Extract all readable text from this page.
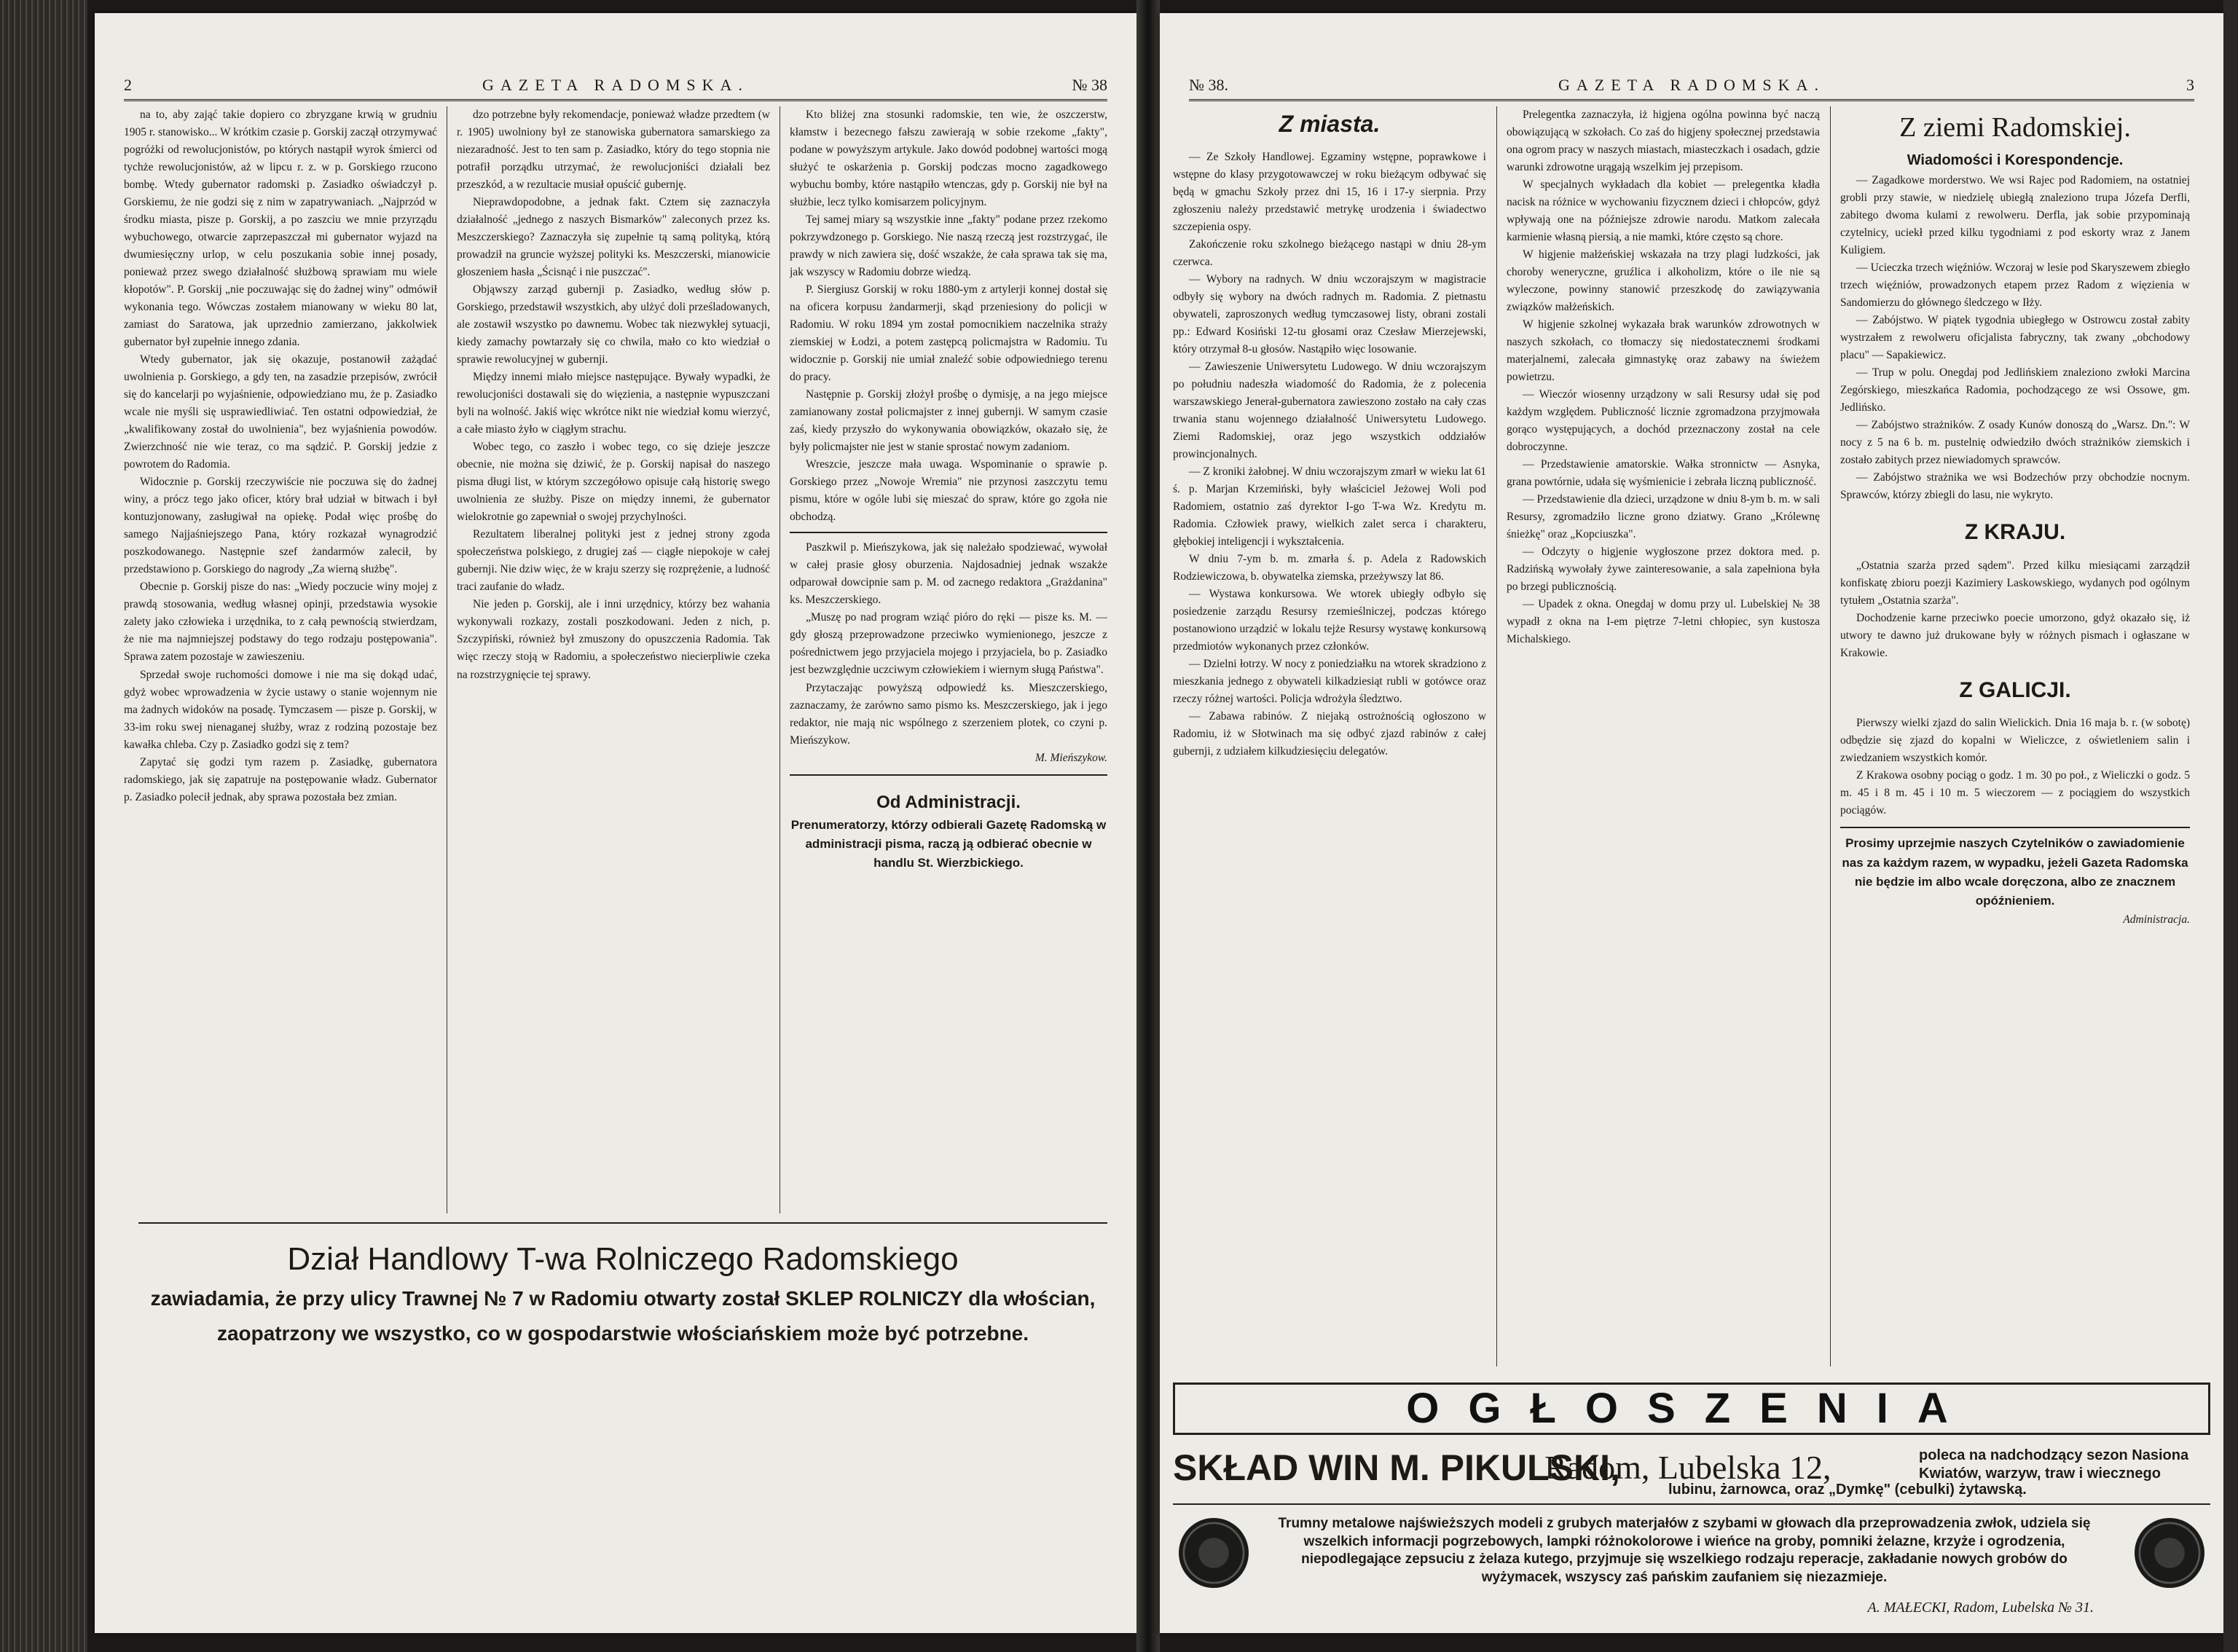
2	GAZETA RADOMSKA.	№ 38

na to, aby zająć takie dopiero co zbryzgane krwią w grudniu 1905 r. stanowisko... W krótkim czasie p. Gorskij zaczął otrzymywać pogróżki od rewolucjonistów, po których nastąpił wyrok śmierci od tychże rewolucjonistów, aż w lipcu r. z. w p. Gorskiego rzucono bombę. Wtedy gubernator radomski p. Zasiadko oświadczył p. Gorskiemu, że nie godzi się z nim w zapatrywaniach. „Najprzód w środku miasta, pisze p. Gorskij, a po zaszciu we mnie przyrządu wybuchowego, otwarcie zaprzepaszczał mi gubernator wyjazd na dwumiesięczny urlop, w celu poszukania sobie innej posady, ponieważ przez swego działalność służbową sprawiam mu wiele kłopotów". P. Gorskij „nie poczuwając się do żadnej winy" odmówił wykonania tego. Wówczas zostałem mianowany w wieku 80 lat, zamiast do Saratowa, jak uprzednio zamierzano, jakkolwiek gubernator był zupełnie innego zdania.

Wtedy gubernator, jak się okazuje, postanowił zażądać uwolnienia p. Gorskiego, a gdy ten, na zasadzie przepisów, zwrócił się do kancelarji po wyjaśnienie, odpowiedziano mu, że p. Zasiadko wcale nie myśli się usprawiedliwiać. Ten ostatni odpowiedział, że „kwalifikowany został do uwolnienia", bez wyjaśnienia powodów. Zwierzchność nie wie teraz, co ma sądzić. P. Gorskij jedzie z powrotem do Radomia.

Widocznie p. Gorskij rzeczywiście nie poczuwa się do żadnej winy, a prócz tego jako oficer, który brał udział w bitwach i był kontuzjonowany, zasługiwał na opiekę. Podał więc prośbę do samego Najjaśniejszego Pana, który rozkazał wynagrodzić poszkodowanego. Następnie szef żandarmów zalecił, by przedstawiono p. Gorskiego do nagrody „Za wierną służbę".

Obecnie p. Gorskij pisze do nas: „Wiedy poczucie winy mojej z prawdą stosowania, według własnej opinji, przedstawia wysokie zalety jako człowieka i urzędnika, to z całą pewnością stwierdzam, że nie ma najmniejszej podstawy do tego rodzaju postępowania". Sprawa zatem pozostaje w zawieszeniu.

Sprzedał swoje ruchomości domowe i nie ma się dokąd udać, gdyż wobec wprowadzenia w życie ustawy o stanie wojennym nie ma żadnych widoków na posadę. Tymczasem — pisze p. Gorskij, w 33-im roku swej nienaganej służby, wraz z rodziną pozostaje bez kawałka chleba. Czy p. Zasiadko godzi się z tem?

Zapytać się godzi tym razem p. Zasiadkę, gubernatora radomskiego, jak się zapatruje na postępowanie władz. Gubernator p. Zasiadko polecił jednak, aby sprawa pozostała bez zmian.

dzo potrzebne były rekomendacje, ponieważ władze przedtem (w r. 1905) uwolniony był ze stanowiska gubernatora samarskiego za niezaradność. Jest to ten sam p. Zasiadko, który do tego stopnia nie potrafił porządku utrzymać, że rewolucjoniści działali bez przeszkód, a w rezultacie musiał opuścić gubernję.

Nieprawdopodobne, a jednak fakt. Cztem się zaznaczyła działalność „jednego z naszych Bismarków" zaleconych przez ks. Meszczerskiego? Zaznaczyła się zupełnie tą samą polityką, którą prowadził na gruncie wyższej polityki ks. Meszczerski, mianowicie głoszeniem hasła „Ścisnąć i nie puszczać".

Objąwszy zarząd gubernji p. Zasiadko, według słów p. Gorskiego, przedstawił wszystkich, aby ulżyć doli prześladowanych, ale zostawił wszystko po dawnemu. Wobec tak niezwykłej sytuacji, kiedy zamachy powtarzały się co chwila, mało co kto wiedział o sprawie rewolucyjnej w gubernji.

Między innemi miało miejsce następujące. Bywały wypadki, że rewolucjoniści dostawali się do więzienia, a następnie wypuszczani byli na wolność. Jakiś więc wkrótce nikt nie wiedział komu wierzyć, a całe miasto żyło w ciągłym strachu.

Wobec tego, co zaszło i wobec tego, co się dzieje jeszcze obecnie, nie można się dziwić, że p. Gorskij napisał do naszego pisma długi list, w którym szczegółowo opisuje całą historię swego uwolnienia ze służby. Pisze on między innemi, że gubernator wielokrotnie go zapewniał o swojej przychylności.

Rezultatem liberalnej polityki jest z jednej strony zgoda społeczeństwa polskiego, z drugiej zaś — ciągłe niepokoje w całej gubernji. Nie dziw więc, że w kraju szerzy się rozprężenie, a ludność traci zaufanie do władz.

Nie jeden p. Gorskij, ale i inni urzędnicy, którzy bez wahania wykonywali rozkazy, zostali poszkodowani. Jeden z nich, p. Szczypiński, również był zmuszony do opuszczenia Radomia. Tak więc rzeczy stoją w Radomiu, a społeczeństwo niecierpliwie czeka na rozstrzygnięcie tej sprawy.

Kto bliżej zna stosunki radomskie, ten wie, że oszczerstw, kłamstw i bezecnego fałszu zawierają w sobie rzekome „fakty", podane w powyższym artykule. Jako dowód podobnej wartości mogą służyć te oskarżenia p. Gorskij podczas mocno zagadkowego wybuchu bomby, które nastąpiło wtenczas, gdy p. Gorskij nie był na służbie, lecz tylko komisarzem policyjnym.

Tej samej miary są wszystkie inne „fakty" podane przez rzekomo pokrzywdzonego p. Gorskiego. Nie naszą rzeczą jest rozstrzygać, ile prawdy w nich zawiera się, dość wszakże, że cała sprawa tak się ma, jak wszyscy w Radomiu dobrze wiedzą.

P. Siergiusz Gorskij w roku 1880-ym z artylerji konnej dostał się na oficera korpusu żandarmerji, skąd przeniesiony do policji w Radomiu. W roku 1894 ym został pomocnikiem naczelnika straży ziemskiej w Łodzi, a potem zastępcą policmajstra w Radomiu. Tu widocznie p. Gorskij nie umiał znaleźć sobie odpowiedniego terenu do pracy.

Następnie p. Gorskij złożył prośbę o dymisję, a na jego miejsce zamianowany został policmajster z innej gubernji. W samym czasie zaś, kiedy przyszło do wykonywania obowiązków, okazało się, że były policmajster nie jest w stanie sprostać nowym zadaniom.

Wreszcie, jeszcze mała uwaga. Wspominanie o sprawie p. Gorskiego przez „Nowoje Wremia" nie przynosi zaszczytu temu pismu, które w ogóle lubi się mieszać do spraw, które go zgoła nie obchodzą.

Paszkwil p. Mieńszykowa, jak się należało spodziewać, wywołał w całej prasie głosy oburzenia. Najdosadniej jednak wszakże odparował dowcipnie sam p. M. od zacnego redaktora „Grażdanina" ks. Meszczerskiego.

„Muszę po nad program wziąć pióro do ręki — pisze ks. M. — gdy głoszą przeprowadzone przeciwko wymienionego, jeszcze z pośrednictwem jego przyjaciela mojego i przyjaciela, bo p. Zasiadko jest bezwzględnie uczciwym człowiekiem i wiernym sługą Państwa".

Przytaczając powyższą odpowiedź ks. Mieszczerskiego, zaznaczamy, że zarówno samo pismo ks. Meszczerskiego, jak i jego redaktor, nie mają nic wspólnego z szerzeniem plotek, co czyni p. Mieńszykow.

M. Mieńszykow.

Od Administracji.

Prenumeratorzy, którzy odbierali Gazetę Radomską w administracji pisma, raczą ją odbierać obecnie w handlu St. Wierzbickiego.

Dział Handlowy T-wa Rolniczego Radomskiego
zawiadamia, że przy ulicy Trawnej № 7 w Radomiu otwarty został SKLEP ROLNICZY dla włościan,
zaopatrzony we wszystko, co w gospodarstwie włościańskiem może być potrzebne.
№ 38.	GAZETA RADOMSKA.	3

Z miasta.

— Ze Szkoły Handlowej. Egzaminy wstępne, poprawkowe i wstępne do klasy przygotowawczej w roku bieżącym odbywać się będą w gmachu Szkoły przez dni 15, 16 i 17-y sierpnia. Przy zgłoszeniu należy przedstawić metrykę urodzenia i świadectwo szczepienia ospy.

Zakończenie roku szkolnego bieżącego nastąpi w dniu 28-ym czerwca.

— Wybory na radnych. W dniu wczorajszym w magistracie odbyły się wybory na dwóch radnych m. Radomia. Z pietnastu obywateli, zaproszonych według tymczasowej listy, obrani zostali pp.: Edward Kosiński 12-tu głosami oraz Czesław Mierzejewski, który otrzymał 8-u głosów. Nastąpiło więc losowanie.

— Zawieszenie Uniwersytetu Ludowego. W dniu wczorajszym po południu nadeszła wiadomość do Radomia, że z polecenia warszawskiego Jenerał-gubernatora zawieszono zostało na cały czas trwania stanu wojennego działalność Uniwersytetu Ludowego. Ziemi Radomskiej, oraz jego wszystkich oddziałów prowincjonalnych.

— Z kroniki żałobnej. W dniu wczorajszym zmarł w wieku lat 61 ś. p. Marjan Krzemiński, były właściciel Jeżowej Woli pod Radomiem, ostatnio zaś dyrektor I-go T-wa Wz. Kredytu m. Radomia. Człowiek prawy, wielkich zalet serca i charakteru, głębokiej inteligencji i wykształcenia.

W dniu 7-ym b. m. zmarła ś. p. Adela z Radowskich Rodziewiczowa, b. obywatelka ziemska, przeżywszy lat 86.

— Wystawa konkursowa. We wtorek ubiegły odbyło się posiedzenie zarządu Resursy rzemieślniczej, podczas którego postanowiono urządzić w lokalu tejże Resursy wystawę konkursową przedmiotów wykonanych przez członków.

— Dzielni łotrzy. W nocy z poniedziałku na wtorek skradziono z mieszkania jednego z obywateli kilkadziesiąt rubli w gotówce oraz rzeczy różnej wartości. Policja wdrożyła śledztwo.

— Zabawa rabinów. Z niejaką ostrożnością ogłoszono w Radomiu, iż w Słotwinach ma się odbyć zjazd rabinów z całej gubernji, z udziałem kilkudziesięciu delegatów.

Prelegentka zaznaczyła, iż higjena ogólna powinna być naczą obowiązującą w szkołach. Co zaś do higjeny społecznej przedstawia ona ogrom pracy w naszych miastach, miasteczkach i osadach, gdzie warunki zdrowotne urągają wszelkim jej przepisom.

W specjalnych wykładach dla kobiet — prelegentka kładła nacisk na różnice w wychowaniu fizycznem dzieci i chłopców, gdyż wpływają one na późniejsze zdrowie narodu. Matkom zalecała karmienie własną piersią, a nie mamki, które często są chore.

W higjenie małżeńskiej wskazała na trzy plagi ludzkości, jak choroby weneryczne, gruźlica i alkoholizm, które o ile nie są wyleczone, powinny stanowić przeszkodę do zawiązywania związków małżeńskich.

W higjenie szkolnej wykazała brak warunków zdrowotnych w naszych szkołach, co tłomaczy się niedostatecznemi środkami materjalnemi, zalecała gimnastykę oraz zabawy na świeżem powietrzu.

— Wieczór wiosenny urządzony w sali Resursy udał się pod każdym względem. Publiczność licznie zgromadzona przyjmowała gorąco występujących, a dochód przeznaczony został na cele dobroczynne.

— Przedstawienie amatorskie. Wałka stronnictw — Asnyka, grana powtórnie, udała się wyśmienicie i zebrała liczną publiczność.

— Przedstawienie dla dzieci, urządzone w dniu 8-ym b. m. w sali Resursy, zgromadziło liczne grono dziatwy. Grano „Królewnę śnieżkę" oraz „Kopciuszka".

— Odczyty o higjenie wygłoszone przez doktora med. p. Radzińską wywołały żywe zainteresowanie, a sala zapełniona była po brzegi publicznością.

— Upadek z okna. Onegdaj w domu przy ul. Lubelskiej № 38 wypadł z okna na I-em piętrze 7-letni chłopiec, syn kustosza Michalskiego.

Z ziemi Radomskiej.

Wiadomości i Korespondencje.

— Zagadkowe morderstwo. We wsi Rajec pod Radomiem, na ostatniej grobli przy stawie, w niedzielę ubiegłą znaleziono trupa Józefa Derfli, zabitego dwoma kulami z rewolweru. Derfla, jak sobie przypominają czytelnicy, uciekł przed kilku tygodniami z pod eskorty wraz z Janem Kuligiem.

— Ucieczka trzech więźniów. Wczoraj w lesie pod Skaryszewem zbiegło trzech więźniów, prowadzonych etapem przez Radom z więzienia w Sandomierzu do głównego śledczego w Iłży.

— Zabójstwo. W piątek tygodnia ubiegłego w Ostrowcu został zabity wystrzałem z rewolweru oficjalista fabryczny, tak zwany „obchodowy placu" — Sapakiewicz.

— Trup w polu. Onegdaj pod Jedlińskiem znaleziono zwłoki Marcina Zegórskiego, mieszkańca Radomia, pochodzącego ze wsi Ossowe, gm. Jedlińsko.

— Zabójstwo strażników. Z osady Kunów donoszą do „Warsz. Dn.": W nocy z 5 na 6 b. m. pustelnię odwiedziło dwóch strażników ziemskich i zostało zabitych przez niewiadomych sprawców.

— Zabójstwo strażnika we wsi Bodzechów przy obchodzie nocnym. Sprawców, którzy zbiegli do lasu, nie wykryto.

Z KRAJU.

„Ostatnia szarża przed sądem". Przed kilku miesiącami zarządził konfiskatę zbioru poezji Kazimiery Laskowskiego, wydanych pod ogólnym tytułem „Ostatnia szarża".

Dochodzenie karne przeciwko poecie umorzono, gdyż okazało się, iż utwory te dawno już drukowane były w różnych pismach i ogłaszane w Krakowie.

Z GALICJI.

Pierwszy wielki zjazd do salin Wielickich. Dnia 16 maja b. r. (w sobotę) odbędzie się zjazd do kopalni w Wieliczce, z oświetleniem salin i zwiedzaniem wszystkich komór.

Z Krakowa osobny pociąg o godz. 1 m. 30 po poł., z Wieliczki o godz. 5 m. 45 i 8 m. 45 i 10 m. 5 wieczorem — z pociągiem do wszystkich pociągów.

Prosimy uprzejmie naszych Czytelników o zawiadomienie nas za każdym razem, w wypadku, jeżeli Gazeta Radomska nie będzie im albo wcale doręczona, albo ze znacznem opóźnieniem.

Administracja.

OGŁOSZENIA
SKŁAD WIN M. PIKULSKI,
Radom, Lubelska 12,
lubinu, żarnowca, oraz „Dymkę" (cebulki) żytawską.
poleca na nadchodzący sezon Nasiona Kwiatów, warzyw, traw i wiecznego
Trumny metalowe najświeższych modeli z grubych materjałów z szybami w głowach dla przeprowadzenia zwłok, udziela się wszelkich informacji pogrzebowych, lampki różnokolorowe i wieńce na groby, pomniki żelazne, krzyże i ogrodzenia, niepodlegające zepsuciu z żelaza kutego, przyjmuje się wszelkiego rodzaju reperacje, zakładanie nowych grobów do wyżymacek, wszyscy zaś pańskim zaufaniem się niezazmieje.
A. MAŁECKI, Radom, Lubelska № 31.
